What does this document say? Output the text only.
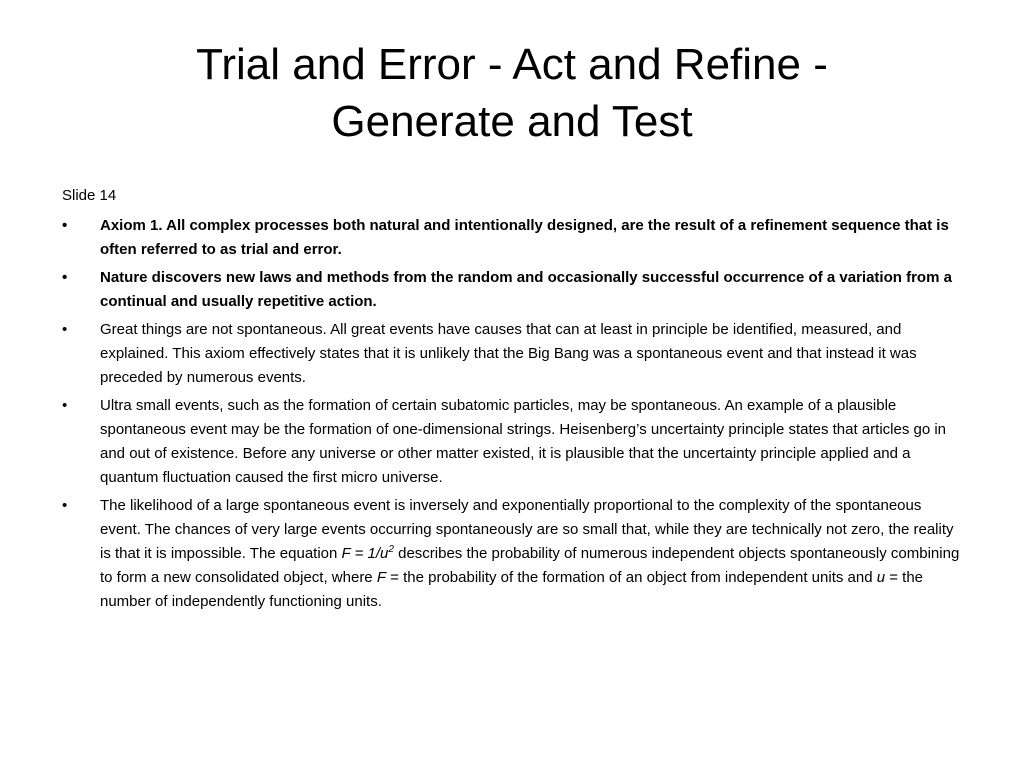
Trial and Error - Act and Refine -
Generate and Test
Slide 14
• Axiom 1. All complex processes both natural and intentionally designed, are the result of a refinement sequence that is often referred to as trial and error.
• Nature discovers new laws and methods from the random and occasionally successful occurrence of a variation from a continual and usually repetitive action.
• Great things are not spontaneous. All great events have causes that can at least in principle be identified, measured, and explained. This axiom effectively states that it is unlikely that the Big Bang was a spontaneous event and that instead it was preceded by numerous events.
• Ultra small events, such as the formation of certain subatomic particles, may be spontaneous. An example of a plausible spontaneous event may be the formation of one-dimensional strings. Heisenberg’s uncertainty principle states that articles go in and out of existence. Before any universe or other matter existed, it is plausible that the uncertainty principle applied and a quantum fluctuation caused the first micro universe.
• The likelihood of a large spontaneous event is inversely and exponentially proportional to the complexity of the spontaneous event. The chances of very large events occurring spontaneously are so small that, while they are technically not zero, the reality is that it is impossible. The equation $F = 1/u^2$ describes the probability of numerous independent objects spontaneously combining to form a new consolidated object, where F = the probability of the formation of an object from independent units and u = the number of independently functioning units.
